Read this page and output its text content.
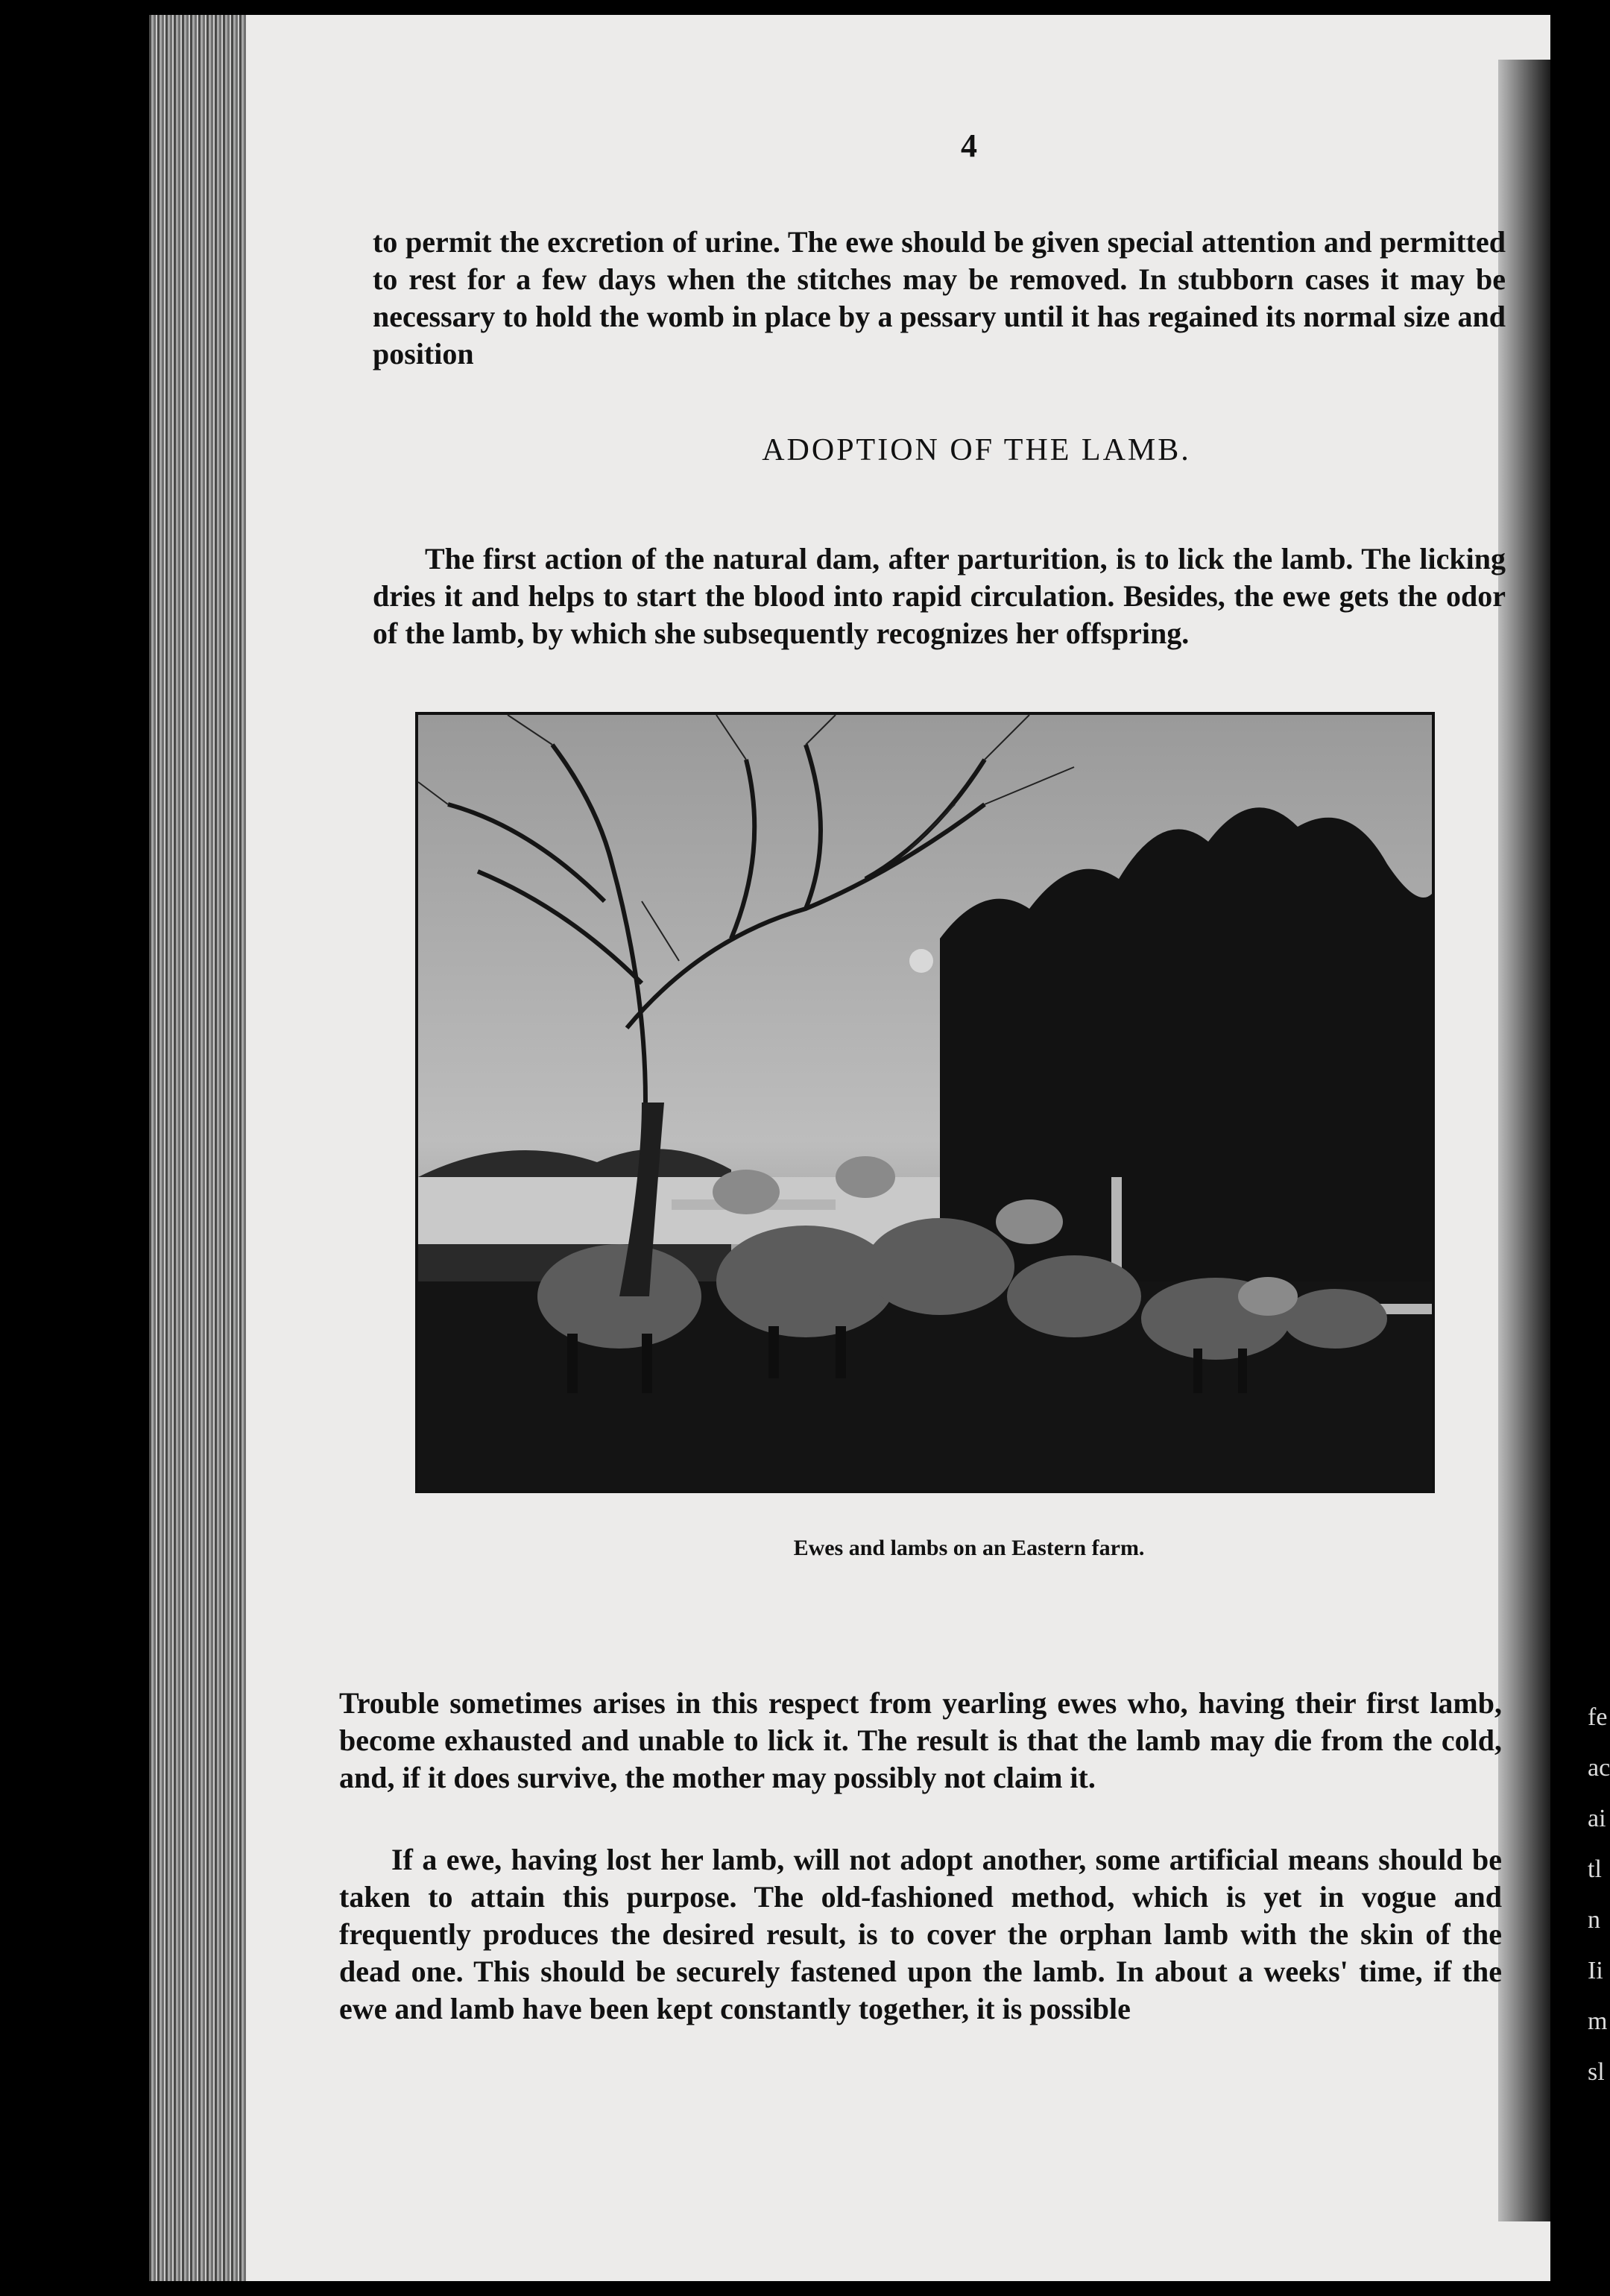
4

to permit the excretion of urine. The ewe should be given special attention and permitted to rest for a few days when the stitches may be removed. In stubborn cases it may be necessary to hold the womb in place by a pessary until it has regained its normal size and position

ADOPTION OF THE LAMB.

The first action of the natural dam, after parturition, is to lick the lamb. The licking dries it and helps to start the blood into rapid circulation. Besides, the ewe gets the odor of the lamb, by which she subsequently recognizes her offspring.

Ewes and lambs on an Eastern farm.

Trouble sometimes arises in this respect from yearling ewes who, having their first lamb, become exhausted and unable to lick it. The result is that the lamb may die from the cold, and, if it does survive, the mother may possibly not claim it.

If a ewe, having lost her lamb, will not adopt another, some artificial means should be taken to attain this purpose. The old-fashioned method, which is yet in vogue and frequently produces the desired result, is to cover the orphan lamb with the skin of the dead one. This should be securely fastened upon the lamb. In about a weeks' time, if the ewe and lamb have been kept constantly together, it is possible

fe
ac
ai
tl
n
Ii
m
sl
